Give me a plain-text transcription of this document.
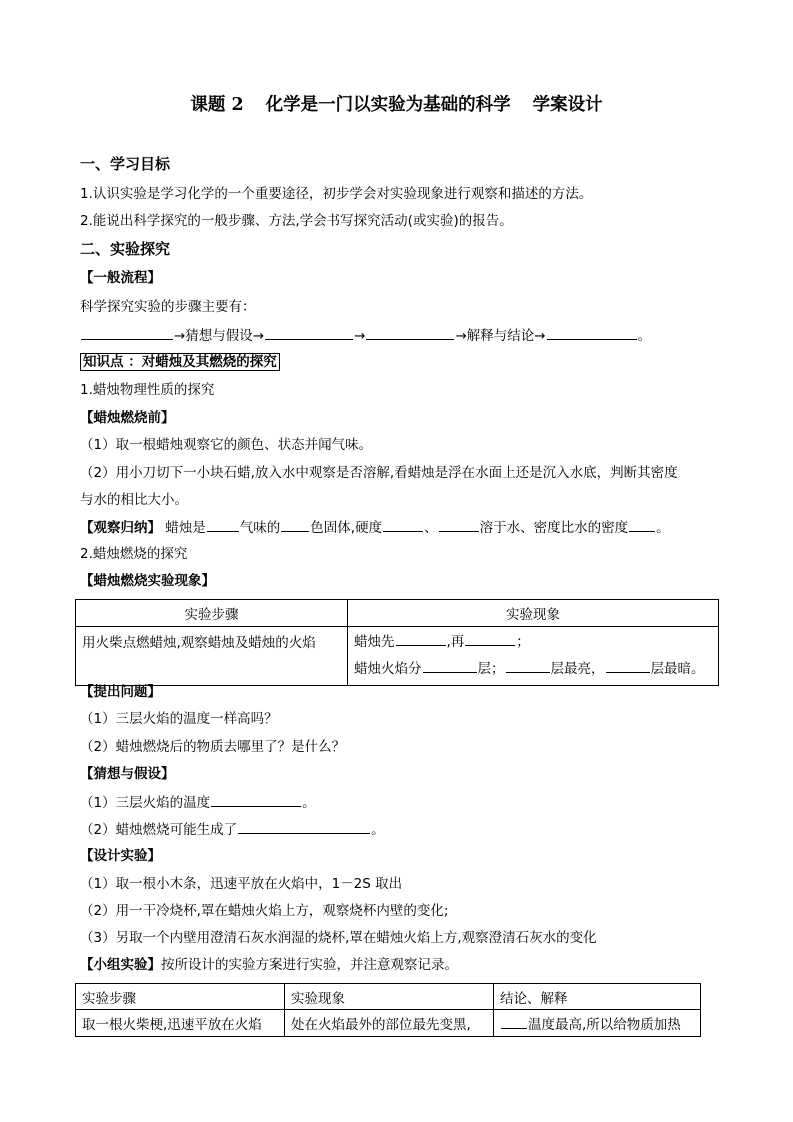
课题 2 化学是一门以实验为基础的科学 学案设计
一、学习目标
1.认识实验是学习化学的一个重要途径，初步学会对实验现象进行观察和描述的方法。
2.能说出科学探究的一般步骤、方法,学会书写探究活动(或实验)的报告。
二、实验探究
【一般流程】
科学探究实验的步骤主要有：
→猜想与假设→	→	→解释与结论→	。
知识点 ：对蜡烛及其燃烧的探究
1.蜡烛物理性质的探究
【蜡烛燃烧前】
（1）取一根蜡烛观察它的颜色、状态并闻气味。
（2）用小刀切下一小块石蜡,放入水中观察是否溶解,看蜡烛是浮在水面上还是沉入水底，判断其密度
与水的相比大小。
【观察归纳】 蜡烛是	气味的 色固体,硬度	、	溶于水、密度比水的密度 。
2.蜡烛燃烧的探究
【蜡烛燃烧实验现象】
实验步骤	实验现象
用火柴点燃蜡烛,观察蜡烛及蜡烛的火焰	蜡烛先 ,再 ；
蜡烛火焰分 层； 层最亮， 层最暗。
【提出问题】
（1）三层火焰的温度一样高吗？
（2）蜡烛燃烧后的物质去哪里了？是什么？
【猜想与假设】
（1）三层火焰的温度	。
（2）蜡烛燃烧可能生成了	。
【设计实验】
（1）取一根小木条，迅速平放在火焰中，1－2S 取出
（2）用一干冷烧杯,罩在蜡烛火焰上方，观察烧杯内壁的变化;
（3）另取一个内壁用澄清石灰水润湿的烧杯,罩在蜡烛火焰上方,观察澄清石灰水的变化
【小组实验】按所设计的实验方案进行实验，并注意观察记录。
实验步骤	实验现象	结论、解释
取一根火柴梗,迅速平放在火焰	处在火焰最外的部位最先变黑,	温度最高,所以给物质加热
